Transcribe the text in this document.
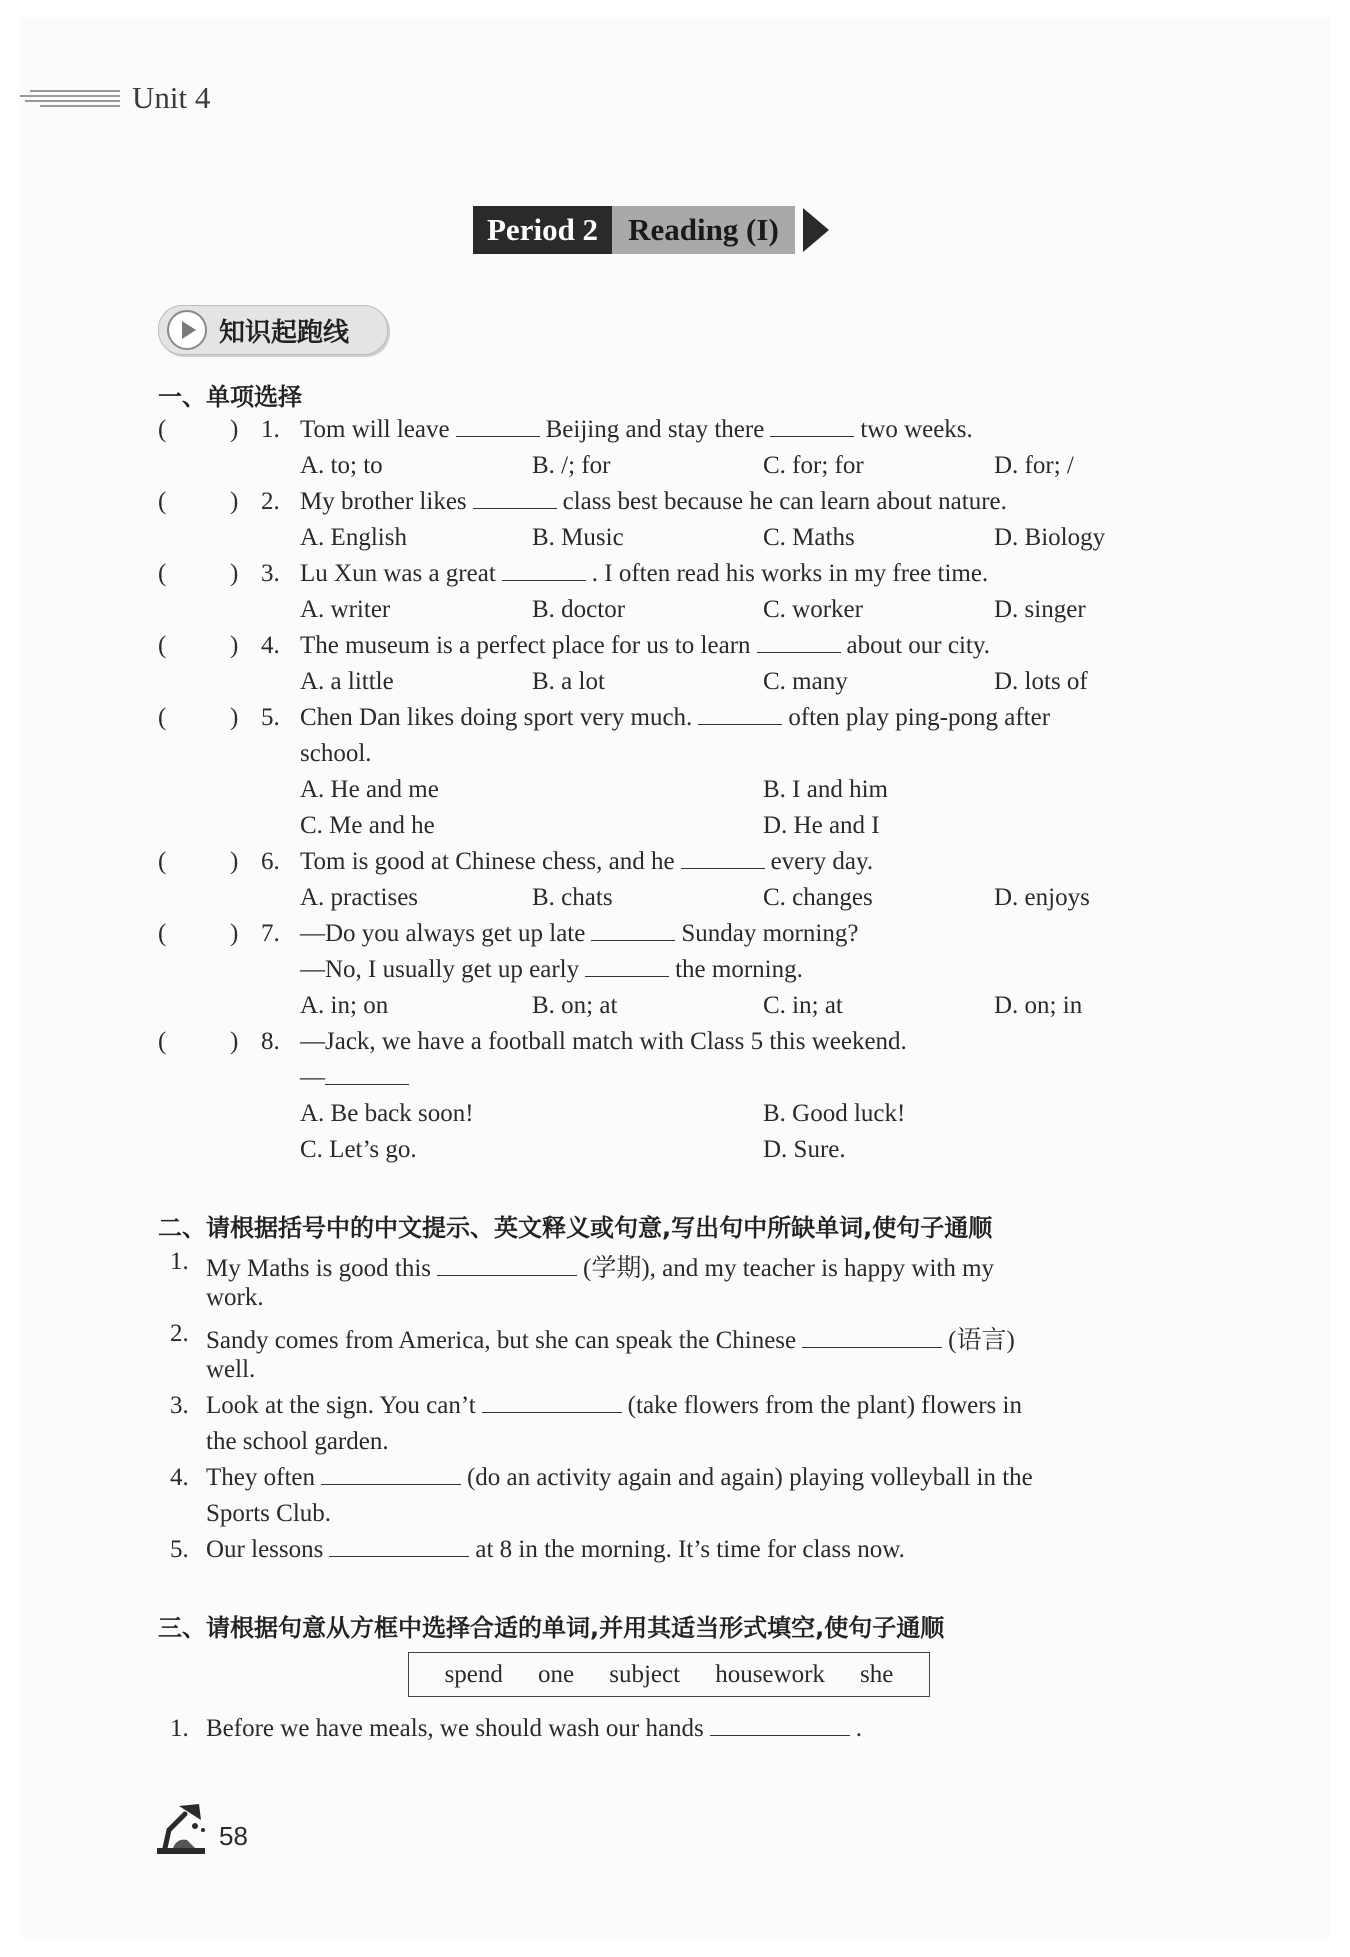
Unit 4
Period 2 Reading (I)
知识起跑线
一、单项选择
(	) 1. Tom will leave	Beijing and stay there	two weeks.
A. to; to	B. /; for	C. for; for	D. for; /
(	) 2. My brother likes	class best because he can learn about nature.
A. English	B. Music	C. Maths	D. Biology
(	) 3. Lu Xun was a great	. I often read his works in my free time.
A. writer	B. doctor	C. worker	D. singer
(	) 4. The museum is a perfect place for us to learn	about our city.
A. a little	B. a lot	C. many	D. lots of
(	) 5. Chen Dan likes doing sport very much.	often play ping-pong after
school.
A. He and me	B. I and him
C. Me and he	D. He and I
(	) 6. Tom is good at Chinese chess, and he	every day.
A. practises	B. chats	C. changes	D. enjoys
(	) 7. —Do you always get up late	Sunday morning?
—No, I usually get up early	the morning.
A. in; on	B. on; at	C. in; at	D. on; in
(	) 8. —Jack, we have a football match with Class 5 this weekend.
—
A. Be back soon!	B. Good luck!
C. Let’s go.	D. Sure.
二、请根据括号中的中文提示、英文释义或句意,写出句中所缺单词,使句子通顺
1. My Maths is good this	(学期), and my teacher is happy with my
work.
2. Sandy comes from America, but she can speak the Chinese	(语言)
well.
3. Look at the sign. You can’t	(take flowers from the plant) flowers in
the school garden.
4. They often	(do an activity again and again) playing volleyball in the
Sports Club.
5. Our lessons	at 8 in the morning. It’s time for class now.
三、请根据句意从方框中选择合适的单词,并用其适当形式填空,使句子通顺
spend one subject housework she
1. Before we have meals, we should wash our hands	.
58
